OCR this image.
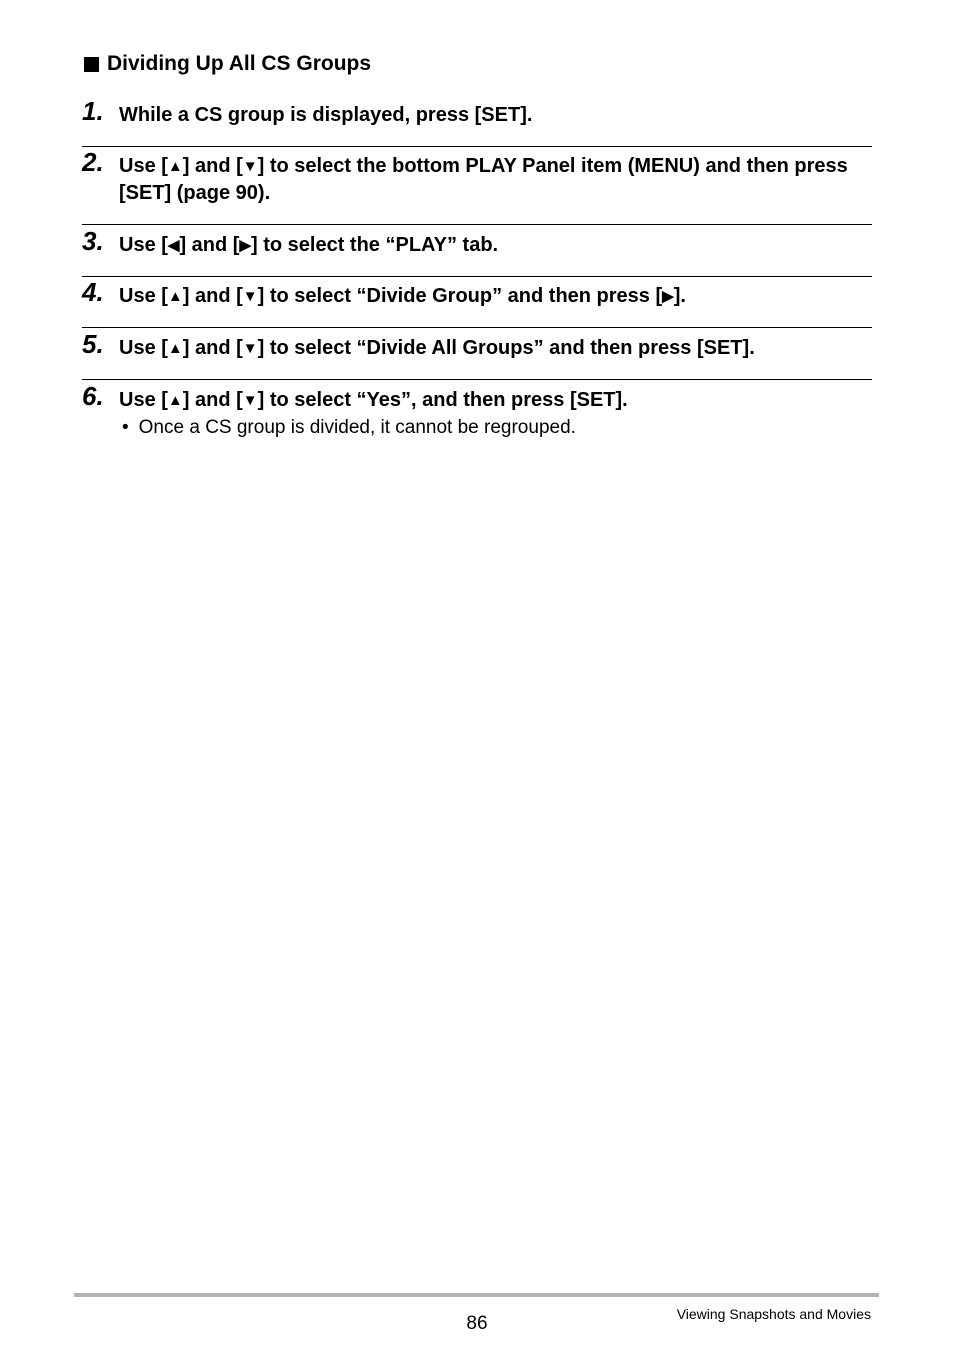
Dividing Up All CS Groups
1. While a CS group is displayed, press [SET].
2. Use [▲] and [▼] to select the bottom PLAY Panel item (MENU) and then press [SET] (page 90).
3. Use [◀] and [▶] to select the “PLAY” tab.
4. Use [▲] and [▼] to select “Divide Group” and then press [▶].
5. Use [▲] and [▼] to select “Divide All Groups” and then press [SET].
6. Use [▲] and [▼] to select “Yes”, and then press [SET].
• Once a CS group is divided, it cannot be regrouped.
86	Viewing Snapshots and Movies
